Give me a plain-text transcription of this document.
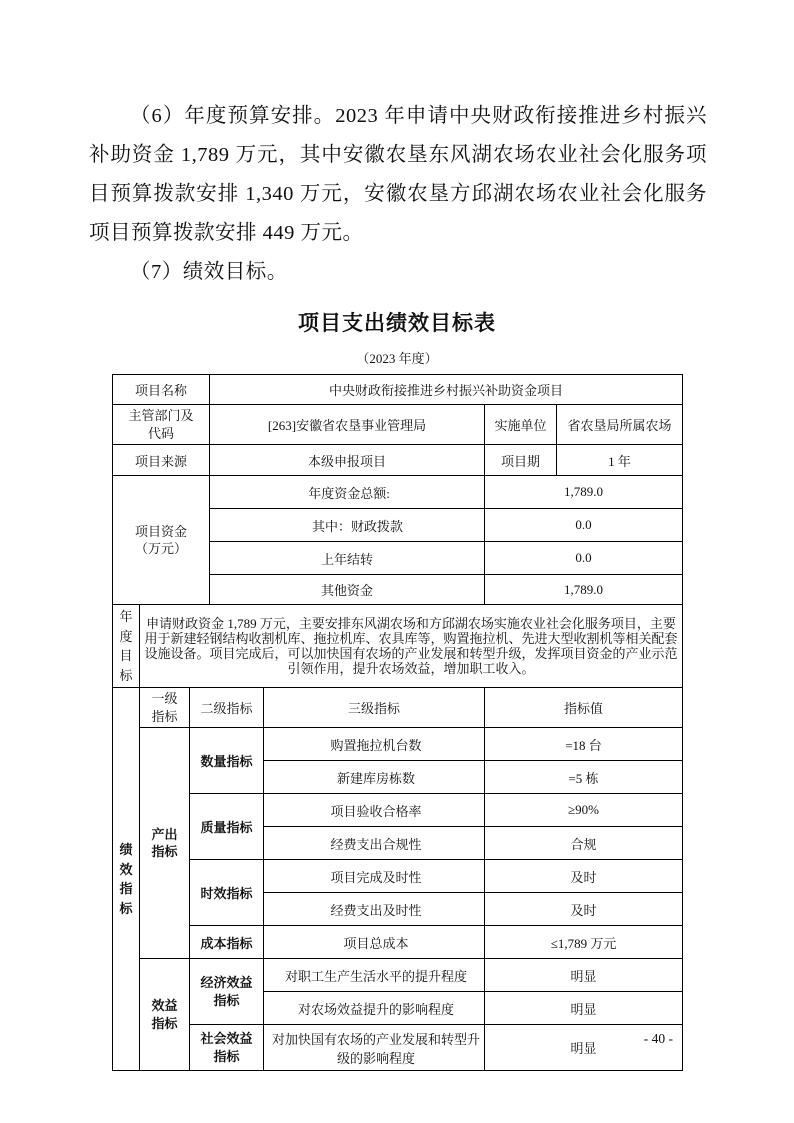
（6）年度预算安排。2023 年申请中央财政衔接推进乡村振兴补助资金 1,789 万元，其中安徽农垦东风湖农场农业社会化服务项目预算拨款安排 1,340 万元，安徽农垦方邱湖农场农业社会化服务项目预算拨款安排 449 万元。

（7）绩效目标。

项目支出绩效目标表
（2023 年度）
项目名称			中央财政衔接推进乡村振兴补助资金项目			
主管部门及代码			[263]安徽省农垦事业管理局		实施单位	省农垦局所属农场
项目来源			本级申报项目		项目期	1 年
项目资金（万元）			年度资金总额:		1,789.0	
			其中：财政拨款		0.0	
			上年结转		0.0	
			其他资金		1,789.0	
年度目标	申请财政资金 1,789 万元，主要安排东风湖农场和方邱湖农场实施农业社会化服务项目，主要用于新建轻钢结构收割机库、拖拉机库、农具库等，购置拖拉机、先进大型收割机等相关配套设施设备。项目完成后，可以加快国有农场的产业发展和转型升级，发挥项目资金的产业示范引领作用，提升农场效益，增加职工收入。					
绩效指标	一级指标	二级指标		三级指标	指标值	
	产出指标	数量指标		购置拖拉机台数	=18 台	
				新建库房栋数	=5 栋	
		质量指标		项目验收合格率	≥90%	
				经费支出合规性	合规	
		时效指标		项目完成及时性	及时	
				经费支出及时性	及时	
		成本指标		项目总成本	≤1,789 万元	
	效益指标	经济效益指标		对职工生产生活水平的提升程度	明显	
				对农场效益提升的影响程度	明显	
		社会效益指标		对加快国有农场的产业发展和转型升级的影响程度	明显	
- 40 -
